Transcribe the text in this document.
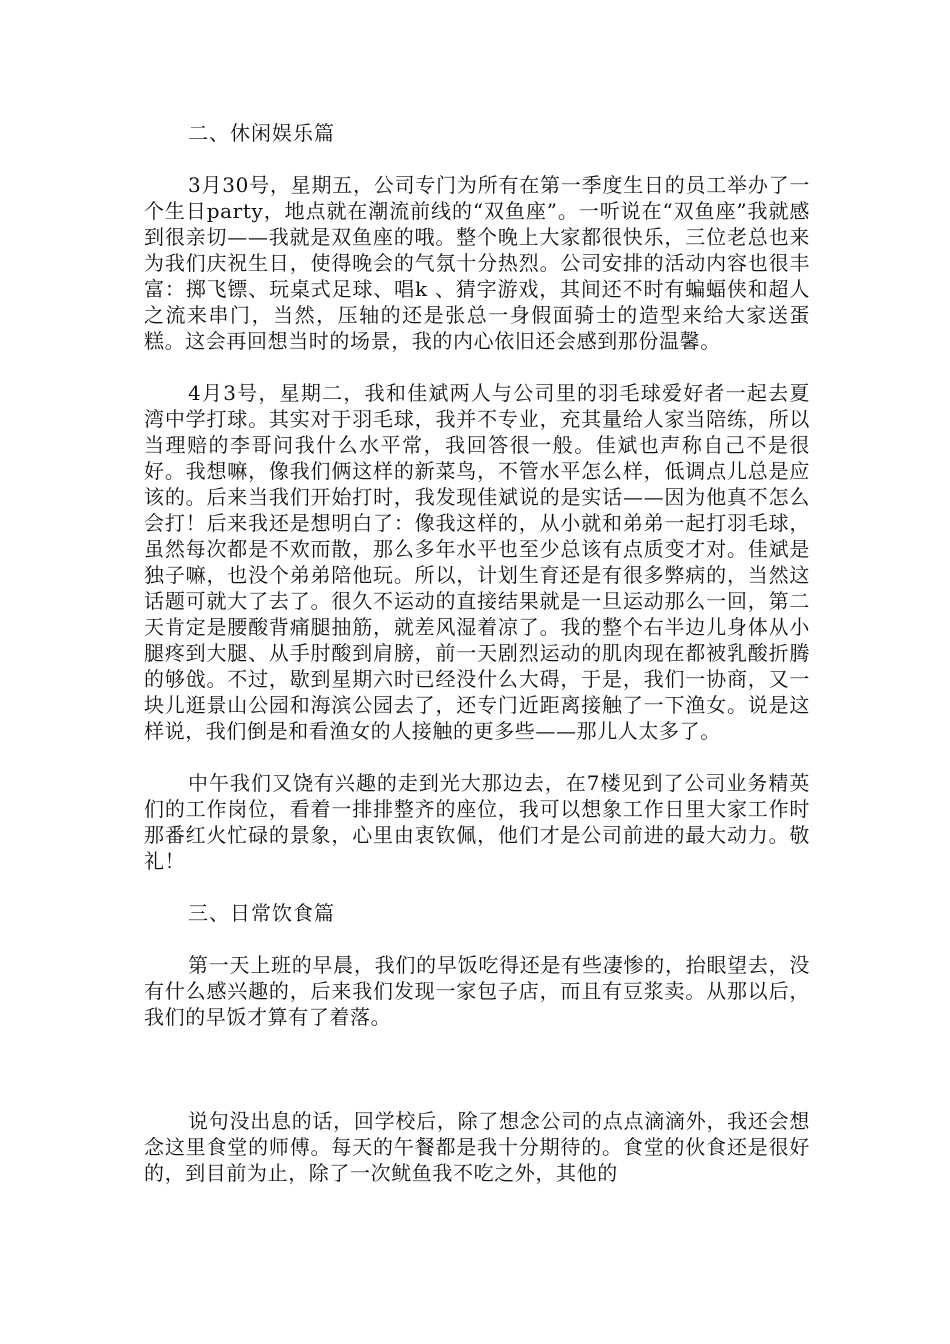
二、休闲娱乐篇

3月30号，星期五，公司专门为所有在第一季度生日的员工举办了一个生日party，地点就在潮流前线的“双鱼座”。一听说在“双鱼座”我就感到很亲切——我就是双鱼座的哦。整个晚上大家都很快乐，三位老总也来为我们庆祝生日，使得晚会的气氛十分热烈。公司安排的活动内容也很丰富：掷飞镖、玩桌式足球、唱k 、猜字游戏，其间还不时有蝙蝠侠和超人之流来串门，当然，压轴的还是张总一身假面骑士的造型来给大家送蛋糕。这会再回想当时的场景，我的内心依旧还会感到那份温馨。

4月3号，星期二，我和佳斌两人与公司里的羽毛球爱好者一起去夏湾中学打球。其实对于羽毛球，我并不专业，充其量给人家当陪练，所以当理赔的李哥问我什么水平常，我回答很一般。佳斌也声称自己不是很好。我想嘛，像我们俩这样的新菜鸟，不管水平怎么样，低调点儿总是应该的。后来当我们开始打时，我发现佳斌说的是实话——因为他真不怎么会打！后来我还是想明白了：像我这样的，从小就和弟弟一起打羽毛球，虽然每次都是不欢而散，那么多年水平也至少总该有点质变才对。佳斌是独子嘛，也没个弟弟陪他玩。所以，计划生育还是有很多弊病的，当然这话题可就大了去了。很久不运动的直接结果就是一旦运动那么一回，第二天肯定是腰酸背痛腿抽筋，就差风湿着凉了。我的整个右半边儿身体从小腿疼到大腿、从手肘酸到肩膀，前一天剧烈运动的肌肉现在都被乳酸折腾的够戗。不过，歇到星期六时已经没什么大碍，于是，我们一协商，又一块儿逛景山公园和海滨公园去了，还专门近距离接触了一下渔女。说是这样说，我们倒是和看渔女的人接触的更多些——那儿人太多了。

中午我们又饶有兴趣的走到光大那边去，在7楼见到了公司业务精英们的工作岗位，看着一排排整齐的座位，我可以想象工作日里大家工作时那番红火忙碌的景象，心里由衷钦佩，他们才是公司前进的最大动力。敬礼！

三、日常饮食篇

第一天上班的早晨，我们的早饭吃得还是有些凄惨的，抬眼望去，没有什么感兴趣的，后来我们发现一家包子店，而且有豆浆卖。从那以后，我们的早饭才算有了着落。

说句没出息的话，回学校后，除了想念公司的点点滴滴外，我还会想念这里食堂的师傅。每天的午餐都是我十分期待的。食堂的伙食还是很好的，到目前为止，除了一次鱿鱼我不吃之外，其他的
